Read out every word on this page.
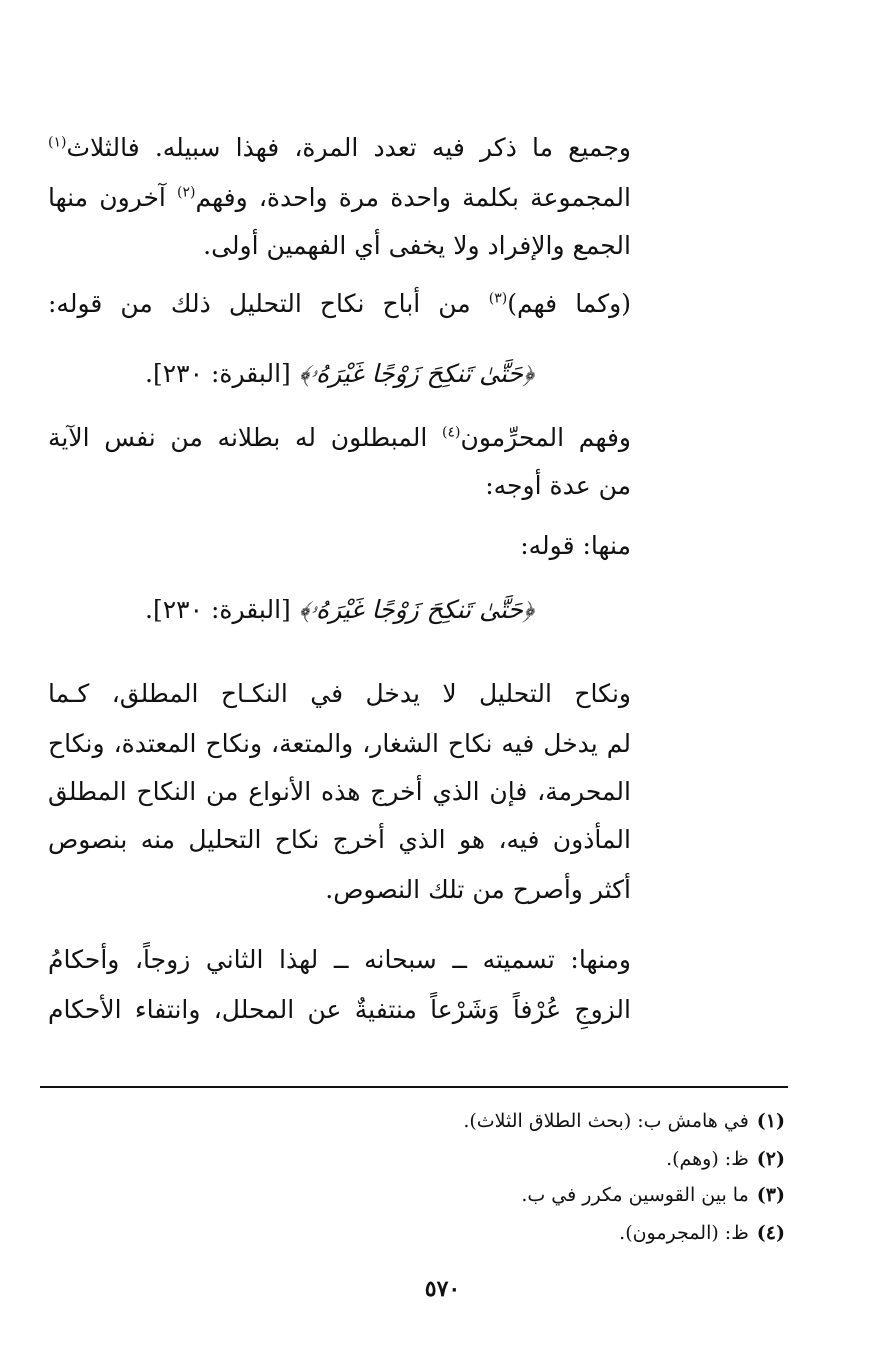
وجميع ما ذكر فيه تعدد المرة، فهذا سبيله. فالثلاث$^{(١)}$
المجموعة بكلمة واحدة مرة واحدة، وفهم$^{(٢)}$ آخرون منها
الجمع والإفراد ولا يخفى أي الفهمين أولى.
(وكما فهم)$^{(٣)}$ من أباح نكاح التحليل ذلك من قوله:
﴿حَتَّىٰ تَنكِحَ زَوْجًا غَيْرَهُۥ﴾ [البقرة: ٢٣٠].
وفهم المحرِّمون$^{(٤)}$ المبطلون له بطلانه من نفس الآية
من عدة أوجه:
منها: قوله:
﴿حَتَّىٰ تَنكِحَ زَوْجًا غَيْرَهُۥ﴾ [البقرة: ٢٣٠].
ونكاح التحليل لا يدخل في النكـاح المطلق، كـما
لم يدخل فيه نكاح الشغار، والمتعة، ونكاح المعتدة، ونكاح
المحرمة، فإن الذي أخرج هذه الأنواع من النكاح المطلق
المأذون فيه، هو الذي أخرج نكاح التحليل منه بنصوص
أكثر وأصرح من تلك النصوص.
ومنها: تسميته ــ سبحانه ــ لهذا الثاني زوجاً، وأحكامُ
الزوجِ عُرْفاً وَشَرْعاً منتفيةٌ عن المحلل، وانتفاء الأحكام
(١)في هامش ب: (بحث الطلاق الثلاث).
(٢)ظ: (وهم).
(٣)ما بين القوسين مكرر في ب.
(٤)ظ: (المجرمون).
٥٧٠
